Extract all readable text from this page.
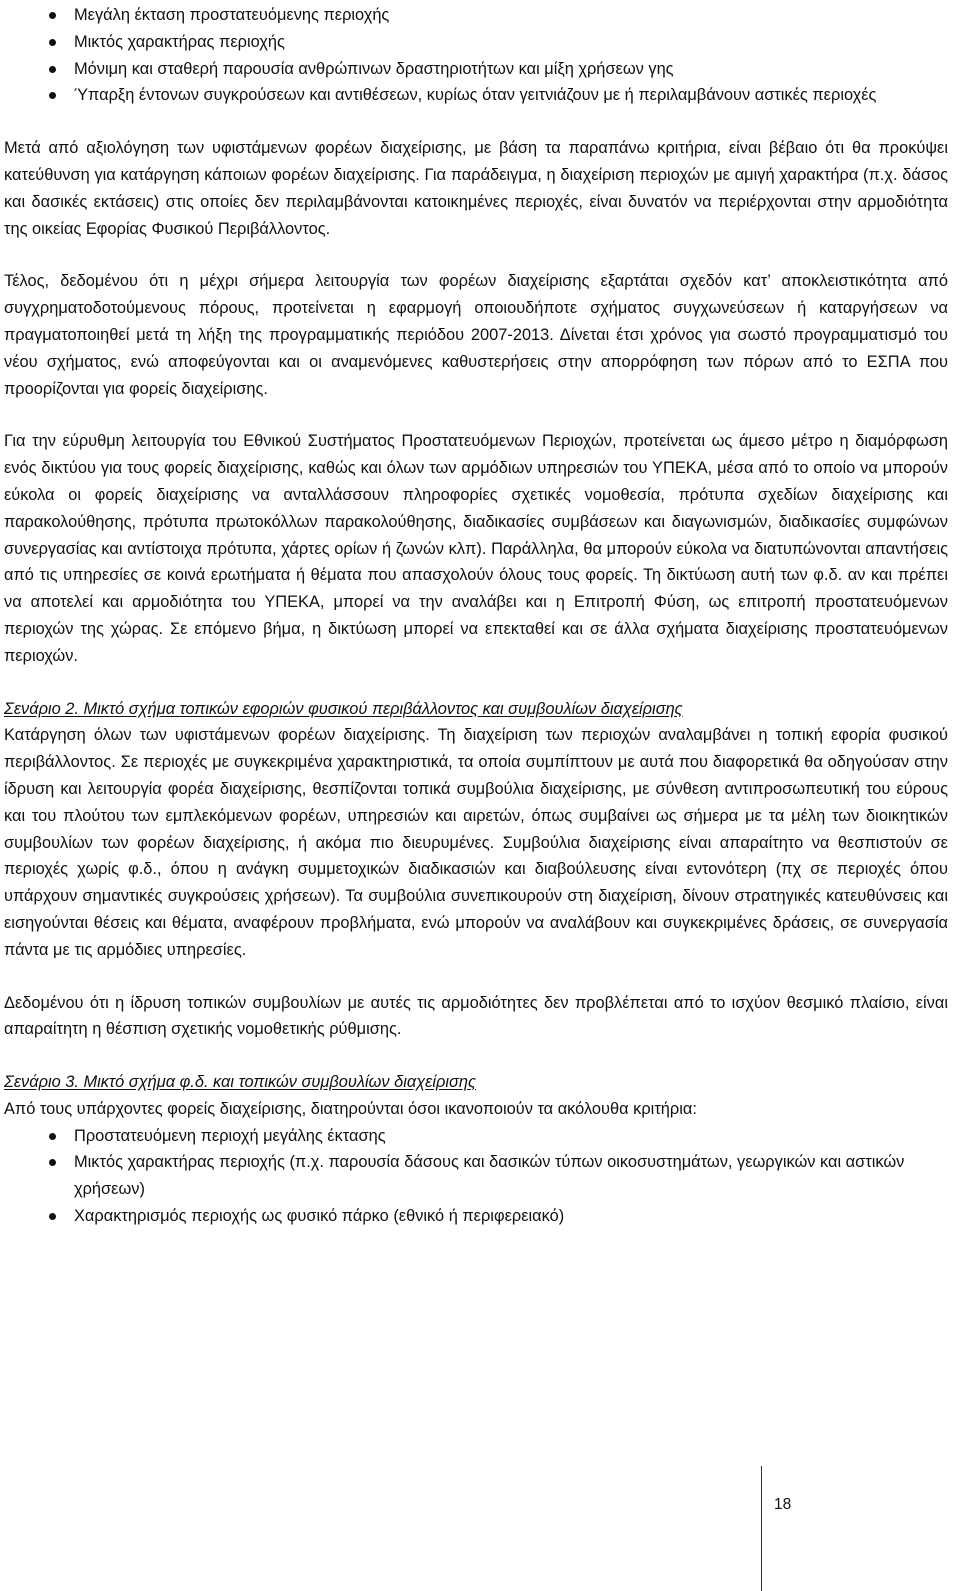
Μεγάλη έκταση προστατευόμενης περιοχής
Μικτός χαρακτήρας περιοχής
Μόνιμη και σταθερή παρουσία ανθρώπινων δραστηριοτήτων και μίξη χρήσεων γης
Ύπαρξη έντονων συγκρούσεων και αντιθέσεων, κυρίως όταν γειτνιάζουν με ή περιλαμβάνουν αστικές περιοχές

Μετά από αξιολόγηση των υφιστάμενων φορέων διαχείρισης, με βάση τα παραπάνω κριτήρια, είναι βέβαιο ότι θα προκύψει κατεύθυνση για κατάργηση κάποιων φορέων διαχείρισης. Για παράδειγμα, η διαχείριση περιοχών με αμιγή χαρακτήρα (π.χ. δάσος και δασικές εκτάσεις) στις οποίες δεν περιλαμβάνονται κατοικημένες περιοχές, είναι δυνατόν να περιέρχονται στην αρμοδιότητα της οικείας Εφορίας Φυσικού Περιβάλλοντος.

Τέλος, δεδομένου ότι η μέχρι σήμερα λειτουργία των φορέων διαχείρισης εξαρτάται σχεδόν κατ’ αποκλειστικότητα από συγχρηματοδοτούμενους πόρους, προτείνεται η εφαρμογή οποιουδήποτε σχήματος συγχωνεύσεων ή καταργήσεων να πραγματοποιηθεί μετά τη λήξη της προγραμματικής περιόδου 2007-2013. Δίνεται έτσι χρόνος για σωστό προγραμματισμό του νέου σχήματος, ενώ αποφεύγονται και οι αναμενόμενες καθυστερήσεις στην απορρόφηση των πόρων από το ΕΣΠΑ που προορίζονται για φορείς διαχείρισης.

Για την εύρυθμη λειτουργία του Εθνικού Συστήματος Προστατευόμενων Περιοχών, προτείνεται ως άμεσο μέτρο η διαμόρφωση ενός δικτύου για τους φορείς διαχείρισης, καθώς και όλων των αρμόδιων υπηρεσιών του ΥΠΕΚΑ, μέσα από το οποίο να μπορούν εύκολα οι φορείς διαχείρισης να ανταλλάσσουν πληροφορίες σχετικές νομοθεσία, πρότυπα σχεδίων διαχείρισης και παρακολούθησης, πρότυπα πρωτοκόλλων παρακολούθησης, διαδικασίες συμβάσεων και διαγωνισμών, διαδικασίες συμφώνων συνεργασίας και αντίστοιχα πρότυπα, χάρτες ορίων ή ζωνών κλπ). Παράλληλα, θα μπορούν εύκολα να διατυπώνονται απαντήσεις από τις υπηρεσίες σε κοινά ερωτήματα ή θέματα που απασχολούν όλους τους φορείς. Τη δικτύωση αυτή των φ.δ. αν και πρέπει να αποτελεί και αρμοδιότητα του ΥΠΕΚΑ, μπορεί να την αναλάβει και η Επιτροπή Φύση, ως επιτροπή προστατευόμενων περιοχών της χώρας. Σε επόμενο βήμα, η δικτύωση μπορεί να επεκταθεί και σε άλλα σχήματα διαχείρισης προστατευόμενων περιοχών.

Σενάριο 2. Μικτό σχήμα τοπικών εφοριών φυσικού περιβάλλοντος και συμβουλίων διαχείρισης

Κατάργηση όλων των υφιστάμενων φορέων διαχείρισης. Τη διαχείριση των περιοχών αναλαμβάνει η τοπική εφορία φυσικού περιβάλλοντος. Σε περιοχές με συγκεκριμένα χαρακτηριστικά, τα οποία συμπίπτουν με αυτά που διαφορετικά θα οδηγούσαν στην ίδρυση και λειτουργία φορέα διαχείρισης, θεσπίζονται τοπικά συμβούλια διαχείρισης, με σύνθεση αντιπροσωπευτική του εύρους και του πλούτου των εμπλεκόμενων φορέων, υπηρεσιών και αιρετών, όπως συμβαίνει ως σήμερα με τα μέλη των διοικητικών συμβουλίων των φορέων διαχείρισης, ή ακόμα πιο διευρυμένες. Συμβούλια διαχείρισης είναι απαραίτητο να θεσπιστούν σε περιοχές χωρίς φ.δ., όπου η ανάγκη συμμετοχικών διαδικασιών και διαβούλευσης είναι εντονότερη (πχ σε περιοχές όπου υπάρχουν σημαντικές συγκρούσεις χρήσεων). Τα συμβούλια συνεπικουρούν στη διαχείριση, δίνουν στρατηγικές κατευθύνσεις και εισηγούνται θέσεις και θέματα, αναφέρουν προβλήματα, ενώ μπορούν να αναλάβουν και συγκεκριμένες δράσεις, σε συνεργασία πάντα με τις αρμόδιες υπηρεσίες.

Δεδομένου ότι η ίδρυση τοπικών συμβουλίων με αυτές τις αρμοδιότητες δεν προβλέπεται από το ισχύον θεσμικό πλαίσιο, είναι απαραίτητη η θέσπιση σχετικής νομοθετικής ρύθμισης.

Σενάριο 3. Μικτό σχήμα φ.δ. και τοπικών συμβουλίων διαχείρισης

Από τους υπάρχοντες φορείς διαχείρισης, διατηρούνται όσοι ικανοποιούν τα ακόλουθα κριτήρια:

Προστατευόμενη περιοχή μεγάλης έκτασης
Μικτός χαρακτήρας περιοχής (π.χ. παρουσία δάσους και δασικών τύπων οικοσυστημάτων, γεωργικών και αστικών χρήσεων)
Χαρακτηρισμός περιοχής ως φυσικό πάρκο (εθνικό ή περιφερειακό)
18
